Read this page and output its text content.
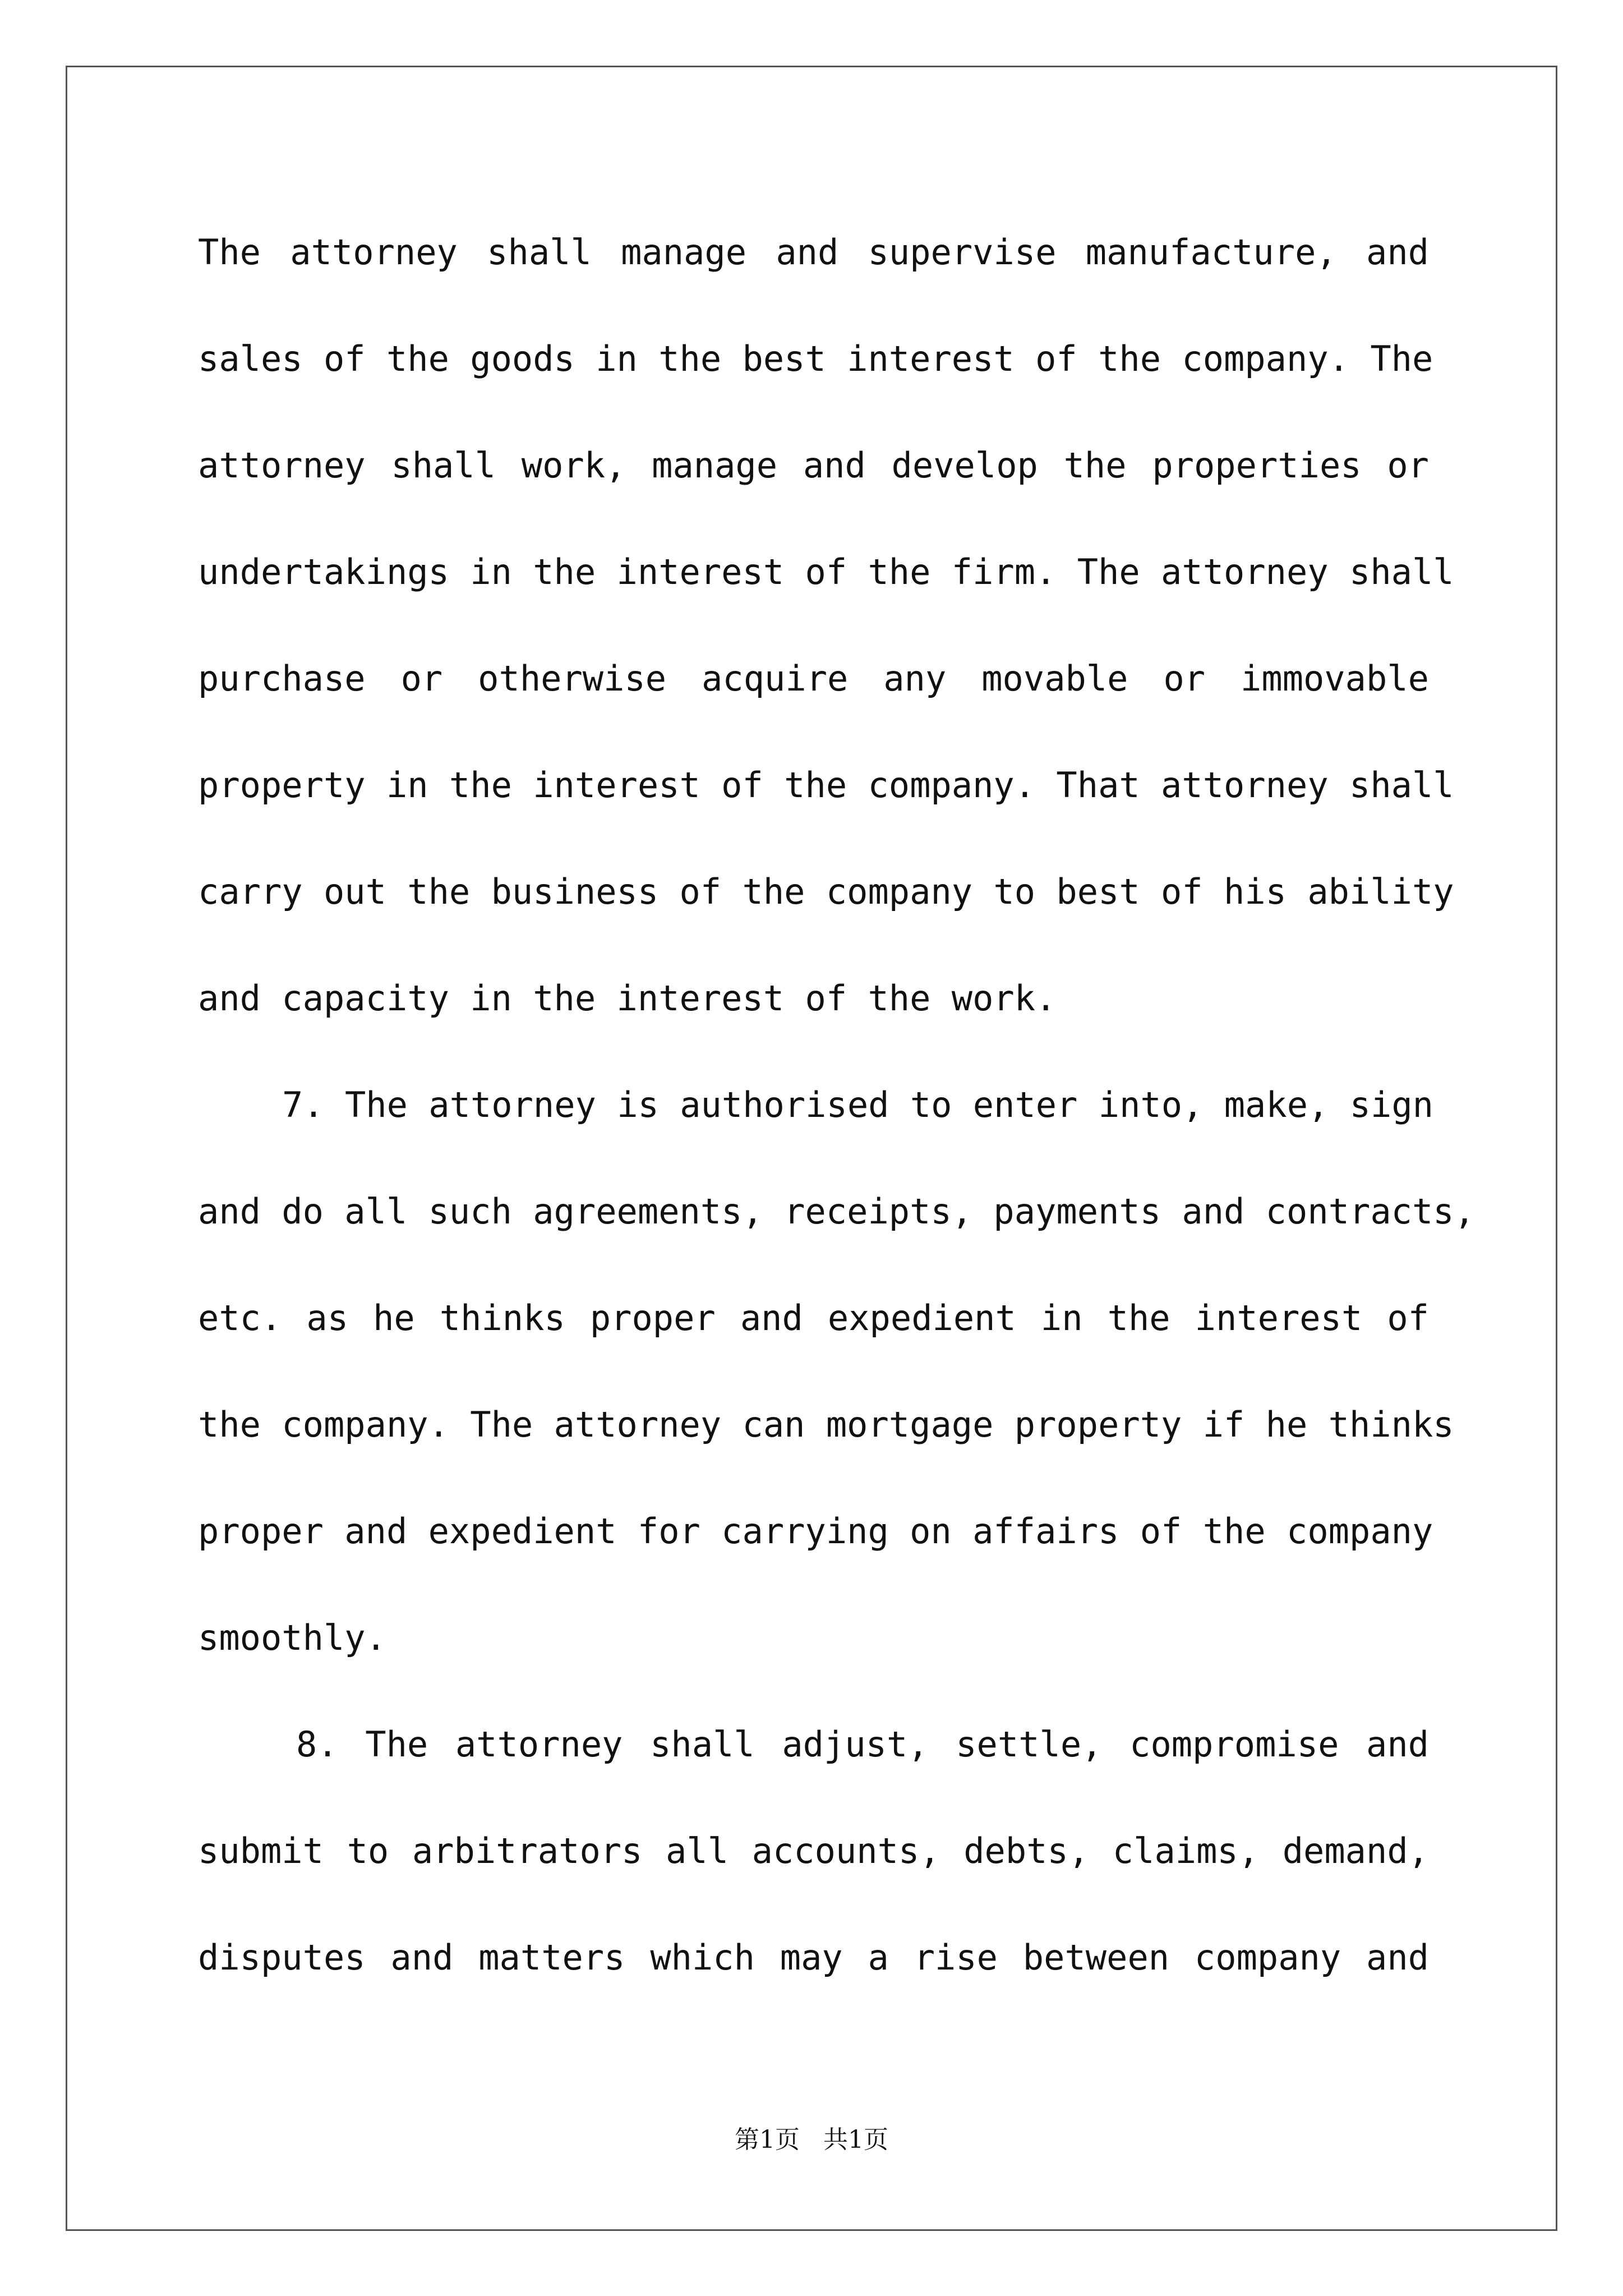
The attorney shall manage and supervise manufacture, and
sales of the goods in the best interest of the company. The
attorney shall work, manage and develop the properties or
undertakings in the interest of the firm. The attorney shall
purchase or otherwise acquire any movable or immovable
property in the interest of the company. That attorney shall
carry out the business of the company to best of his ability
and capacity in the interest of the work.
7. The attorney is authorised to enter into, make, sign
and do all such agreements, receipts, payments and contracts,
etc. as he thinks proper and expedient in the interest of
the company. The attorney can mortgage property if he thinks
proper and expedient for carrying on affairs of the company
smoothly.
8. The attorney shall adjust, settle, compromise and
submit to arbitrators all accounts, debts, claims, demand,
disputes and matters which may a rise between company and
第1页   共1页
